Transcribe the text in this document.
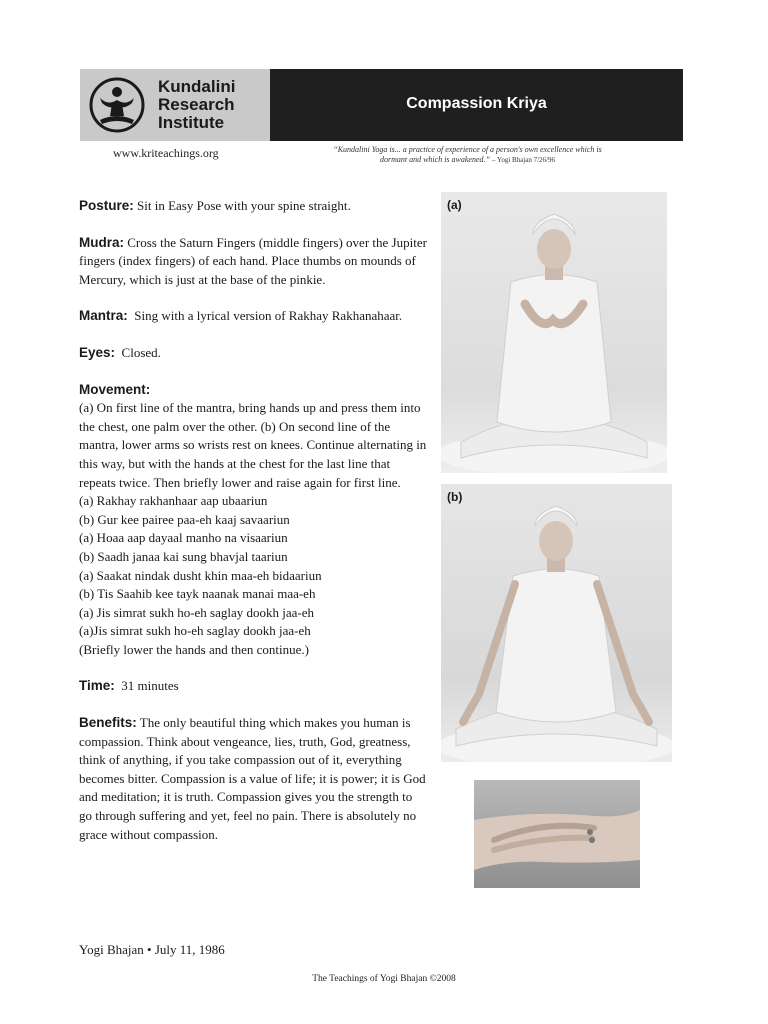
Kundalini
Research
Institute
Compassion Kriya
www.kriteachings.org	“Kundalini Yoga is... a practice of experience of a person's own excellence which is dormant and which is awakened.” – Yogi Bhajan 7/26/96

Posture: Sit in Easy Pose with your spine straight.

Mudra: Cross the Saturn Fingers (middle fingers) over the Jupiter fingers (index fingers) of each hand. Place thumbs on mounds of Mercury, which is just at the base of the pinkie.

Mantra: Sing with a lyrical version of Rakhay Rakhanahaar.

Eyes: Closed.

Movement:
(a) On first line of the mantra, bring hands up and press them into the chest, one palm over the other. (b) On second line of the mantra, lower arms so wrists rest on knees. Continue alternating in this way, but with the hands at the chest for the last line that repeats twice. Then briefly lower and raise again for first line.
(a) Rakhay rakhanhaar aap ubaariun
(b) Gur kee pairee paa-eh kaaj savaariun
(a) Hoaa aap dayaal manho na visaariun
(b) Saadh janaa kai sung bhavjal taariun
(a) Saakat nindak dusht khin maa-eh bidaariun
(b) Tis Saahib kee tayk naanak manai maa-eh
(a) Jis simrat sukh ho-eh saglay dookh jaa-eh
(a)Jis simrat sukh ho-eh saglay dookh jaa-eh
(Briefly lower the hands and then continue.)

Time: 31 minutes

Benefits: The only beautiful thing which makes you human is compassion. Think about vengeance, lies, truth, God, greatness, think of anything, if you take compassion out of it, everything becomes bitter. Compassion is a value of life; it is power; it is God and meditation; it is truth. Compassion gives you the strength to go through suffering and yet, feel no pain. There is absolutely no grace without compassion.

Yogi Bhajan • July 11, 1986
The Teachings of Yogi Bhajan ©2008
(a)
(b)
